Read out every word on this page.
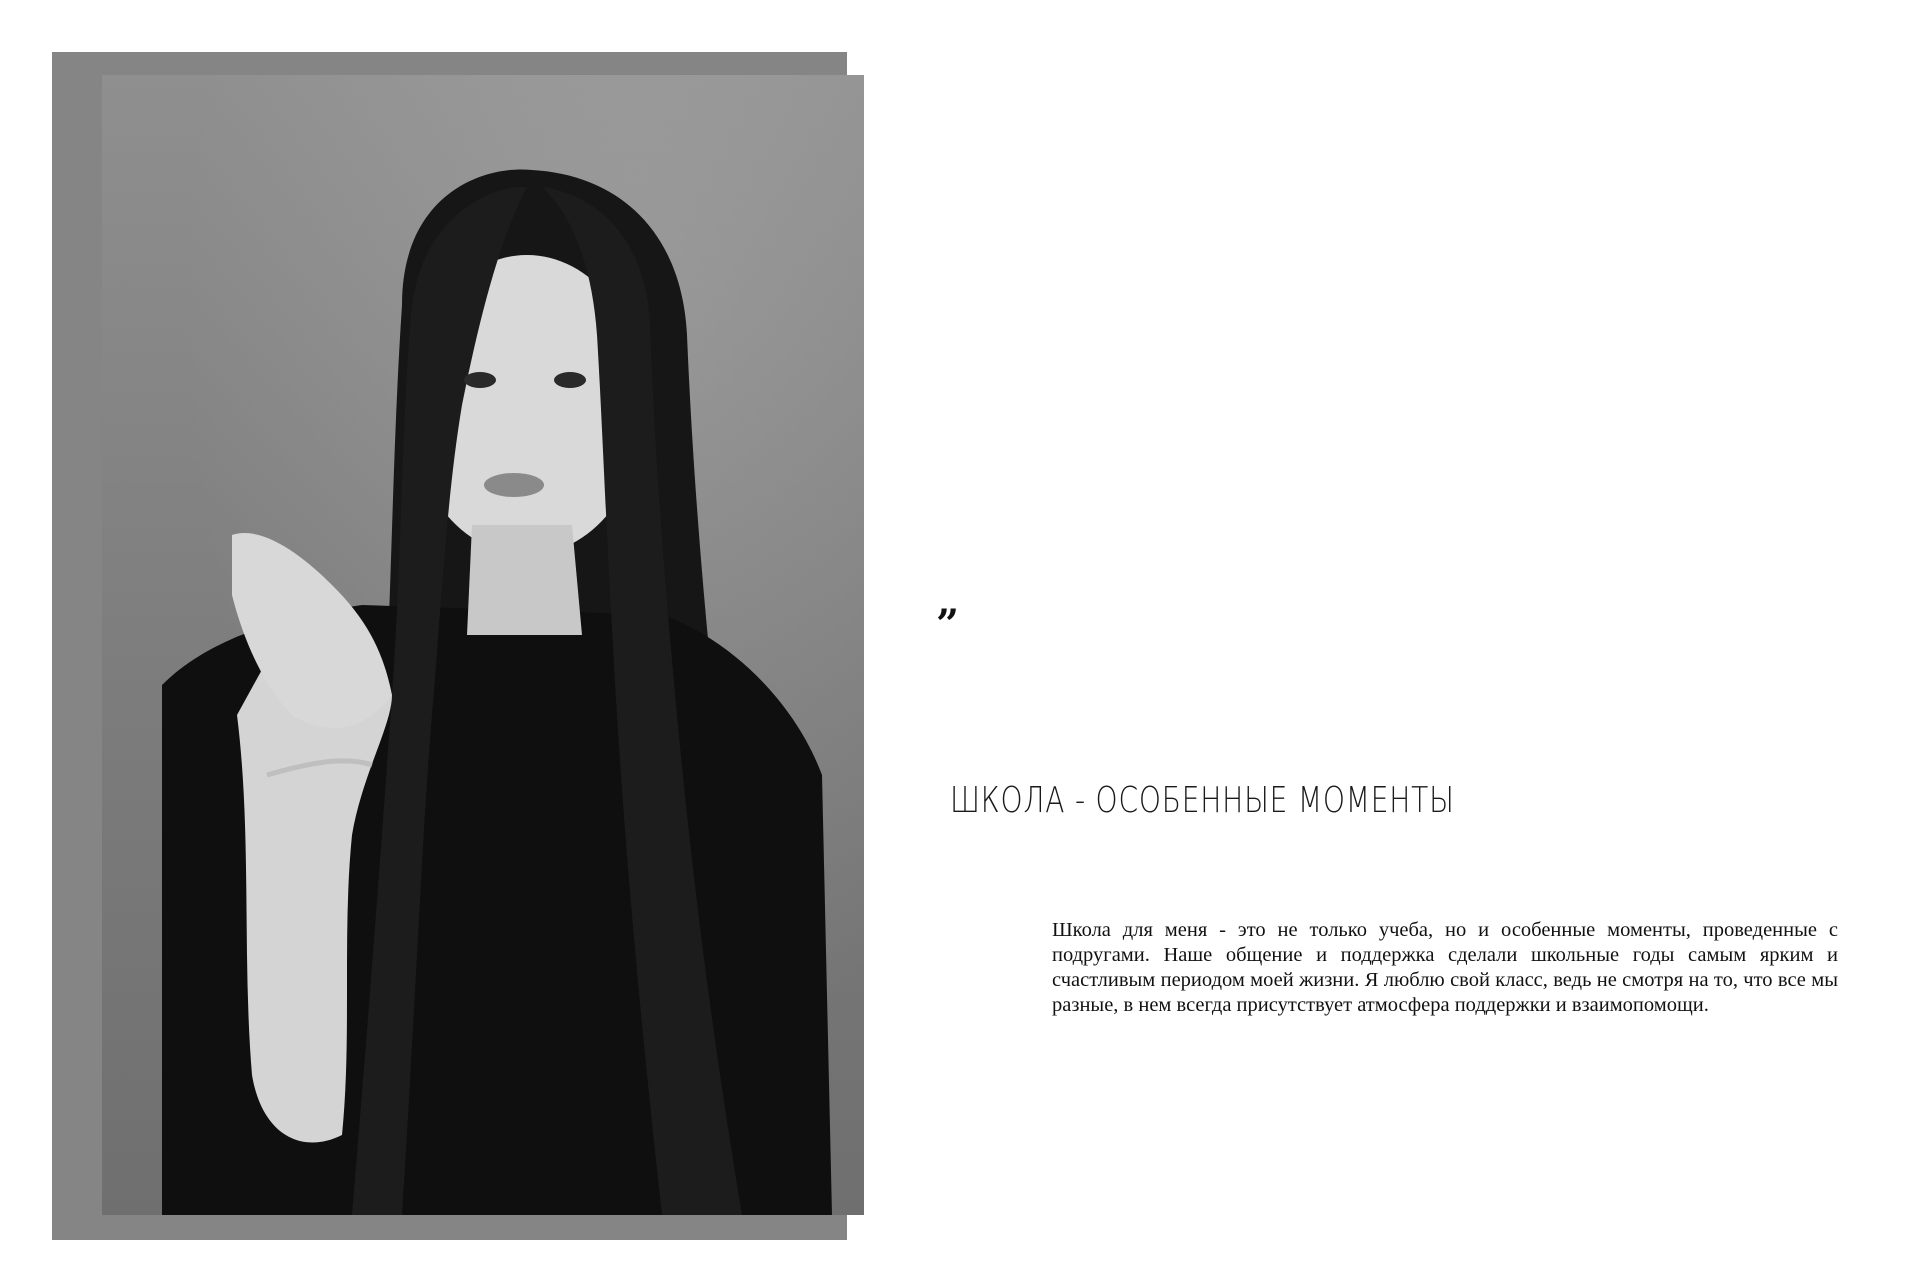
”
ШКОЛА - ОСОБЕННЫЕ МОМЕНТЫ
Школа для меня - это не только учеба, но и особенные моменты, проведенные с подругами. Наше общение и поддержка сделали школьные годы самым ярким и счастливым периодом моей жизни. Я люблю свой класс, ведь не смотря на то, что все мы разные, в нем всегда присутствует атмосфера поддержки и взаимопомощи.
